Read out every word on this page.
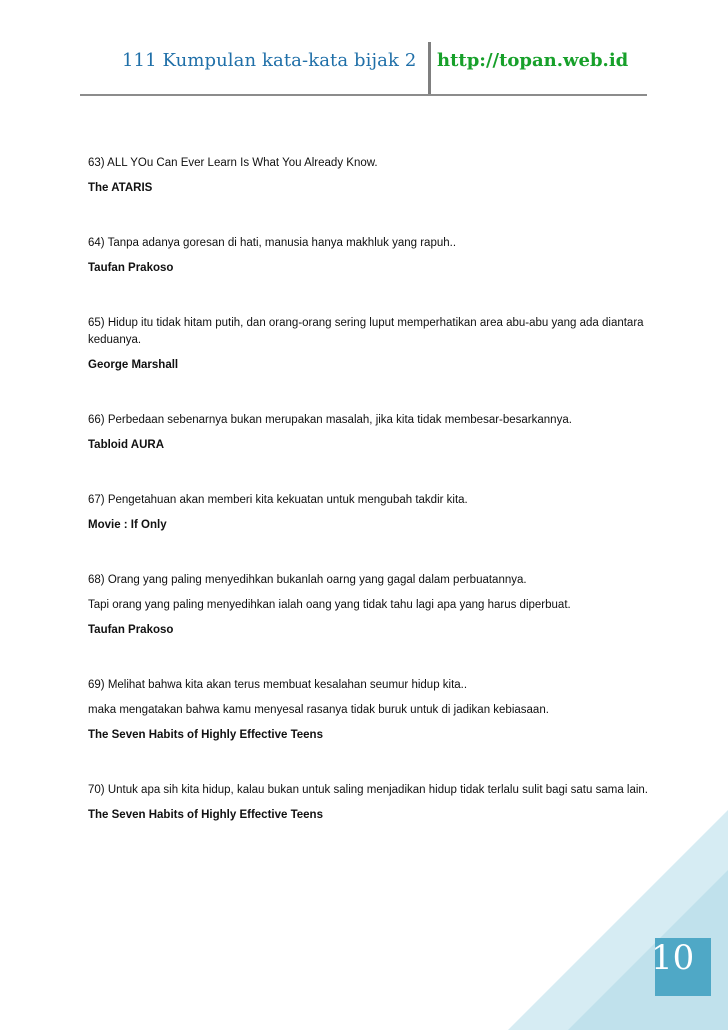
111 Kumpulan kata-kata bijak 2 http://topan.web.id

63) ALL YOu Can Ever Learn Is What You Already Know.

The ATARIS

64) Tanpa adanya goresan di hati, manusia hanya makhluk yang rapuh..

Taufan Prakoso

65) Hidup itu tidak hitam putih, dan orang-orang sering luput memperhatikan area abu-abu yang ada diantara keduanya.

George Marshall

66) Perbedaan sebenarnya bukan merupakan masalah, jika kita tidak membesar-besarkannya.

Tabloid AURA

67) Pengetahuan akan memberi kita kekuatan untuk mengubah takdir kita.

Movie : If Only

68) Orang yang paling menyedihkan bukanlah oarng yang gagal dalam perbuatannya.

Tapi orang yang paling menyedihkan ialah oang yang tidak tahu lagi apa yang harus diperbuat.

Taufan Prakoso

69) Melihat bahwa kita akan terus membuat kesalahan seumur hidup kita..

maka mengatakan bahwa kamu menyesal rasanya tidak buruk untuk di jadikan kebiasaan.

The Seven Habits of Highly Effective Teens

70) Untuk apa sih kita hidup, kalau bukan untuk saling menjadikan hidup tidak terlalu sulit bagi satu sama lain.

The Seven Habits of Highly Effective Teens

10
